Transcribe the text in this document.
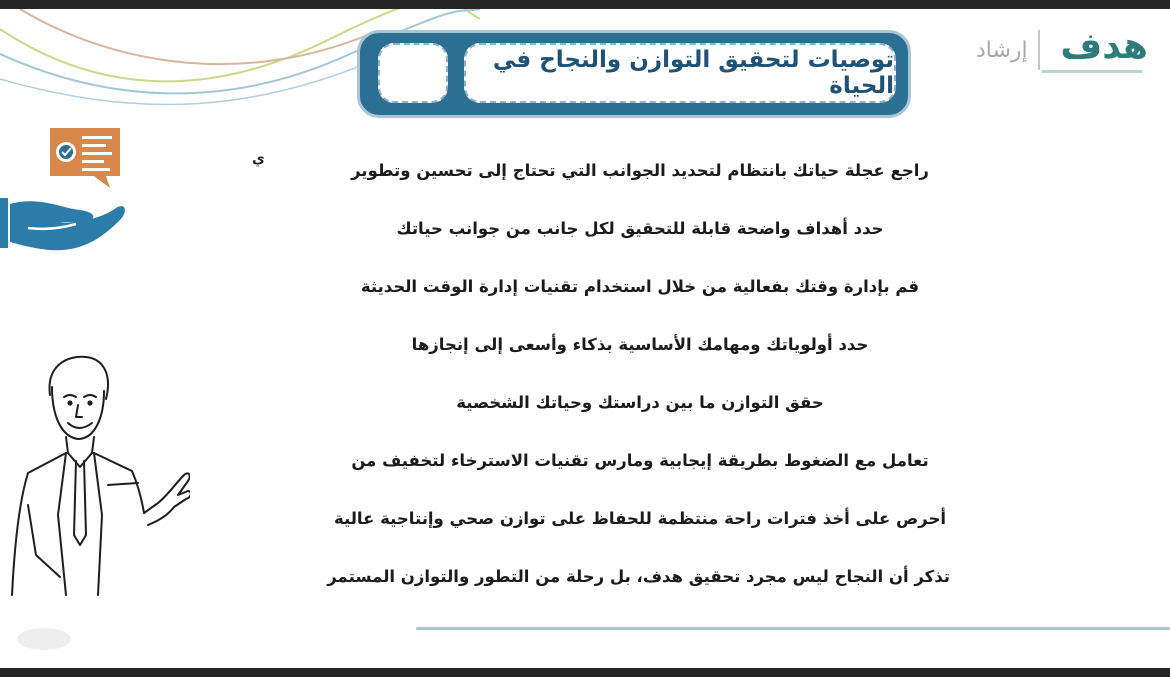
إرشاد هدف
توصيات لتحقيق التوازن والنجاح في الحياة
ي
راجع عجلة حياتك بانتظام لتحديد الجوانب التي تحتاج إلى تحسين وتطوير
حدد أهداف واضحة قابلة للتحقيق لكل جانب من جوانب حياتك
قم بإدارة وقتك بفعالية من خلال استخدام تقنيات إدارة الوقت الحديثة
حدد أولوياتك ومهامك الأساسية بذكاء وأسعى إلى إنجازها
حقق التوازن ما بين دراستك وحياتك الشخصية
تعامل مع الضغوط بطريقة إيجابية ومارس تقنيات الاسترخاء لتخفيف من
أحرص على أخذ فترات راحة منتظمة للحفاظ على توازن صحي وإنتاجية عالية
تذكر أن النجاح ليس مجرد تحقيق هدف، بل رحلة من التطور والتوازن المستمر
